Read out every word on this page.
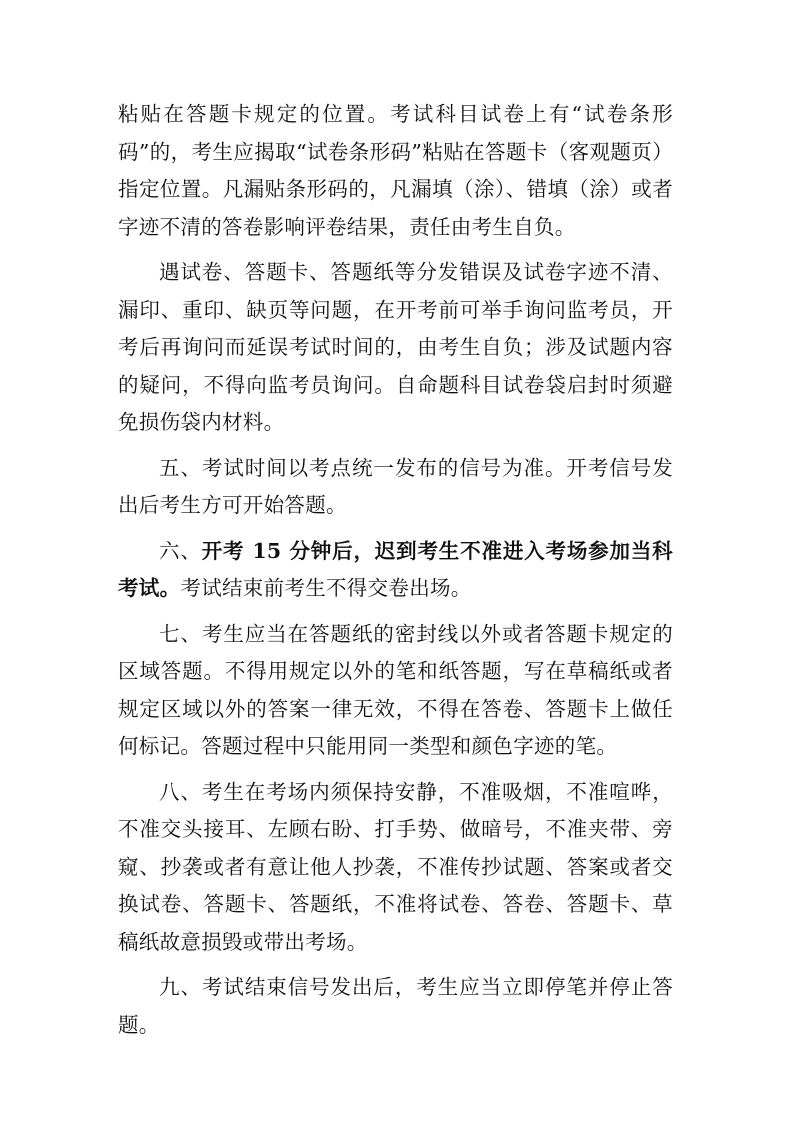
粘贴在答题卡规定的位置。考试科目试卷上有“试卷条形码”的，考生应揭取“试卷条形码”粘贴在答题卡（客观题页）指定位置。凡漏贴条形码的，凡漏填（涂）、错填（涂）或者字迹不清的答卷影响评卷结果，责任由考生自负。

遇试卷、答题卡、答题纸等分发错误及试卷字迹不清、漏印、重印、缺页等问题，在开考前可举手询问监考员，开考后再询问而延误考试时间的，由考生自负；涉及试题内容的疑问，不得向监考员询问。自命题科目试卷袋启封时须避免损伤袋内材料。

五、考试时间以考点统一发布的信号为准。开考信号发出后考生方可开始答题。

六、开考 15 分钟后，迟到考生不准进入考场参加当科考试。考试结束前考生不得交卷出场。

七、考生应当在答题纸的密封线以外或者答题卡规定的区域答题。不得用规定以外的笔和纸答题，写在草稿纸或者规定区域以外的答案一律无效，不得在答卷、答题卡上做任何标记。答题过程中只能用同一类型和颜色字迹的笔。

八、考生在考场内须保持安静，不准吸烟，不准喧哗，不准交头接耳、左顾右盼、打手势、做暗号，不准夹带、旁窥、抄袭或者有意让他人抄袭，不准传抄试题、答案或者交换试卷、答题卡、答题纸，不准将试卷、答卷、答题卡、草稿纸故意损毁或带出考场。

九、考试结束信号发出后，考生应当立即停笔并停止答题。
